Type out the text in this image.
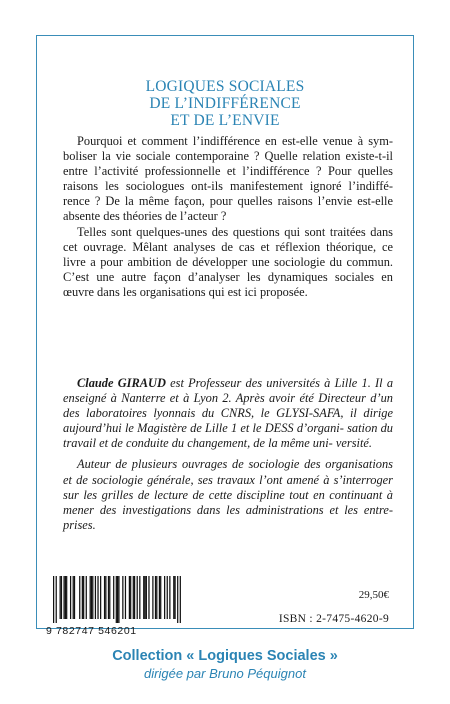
LOGIQUES SOCIALES
DE L’INDIFFÉRENCE
ET DE L’ENVIE

Pourquoi et comment l’indifférence en est-elle venue à sym- boliser la vie sociale contemporaine ? Quelle relation existe-t-il entre l’activité professionnelle et l’indifférence ? Pour quelles raisons les sociologues ont-ils manifestement ignoré l’indiffé- rence ? De la même façon, pour quelles raisons l’envie est-elle absente des théories de l’acteur ?

Telles sont quelques-unes des questions qui sont traitées dans cet ouvrage. Mêlant analyses de cas et réflexion théorique, ce livre a pour ambition de développer une sociologie du commun. C’est une autre façon d’analyser les dynamiques sociales en œuvre dans les organisations qui est ici proposée.

Claude GIRAUD est Professeur des universités à Lille 1. Il a enseigné à Nanterre et à Lyon 2. Après avoir été Directeur d’un des laboratoires lyonnais du CNRS, le GLYSI-SAFA, il dirige aujourd’hui le Magistère de Lille 1 et le DESS d’organi- sation du travail et de conduite du changement, de la même uni- versité.

Auteur de plusieurs ouvrages de sociologie des organisations et de sociologie générale, ses travaux l’ont amené à s’interroger sur les grilles de lecture de cette discipline tout en continuant à mener des investigations dans les administrations et les entre- prises.

9 782747 546201
29,50€
ISBN : 2-7475-4620-9
Collection « Logiques Sociales »
dirigée par Bruno Péquignot
